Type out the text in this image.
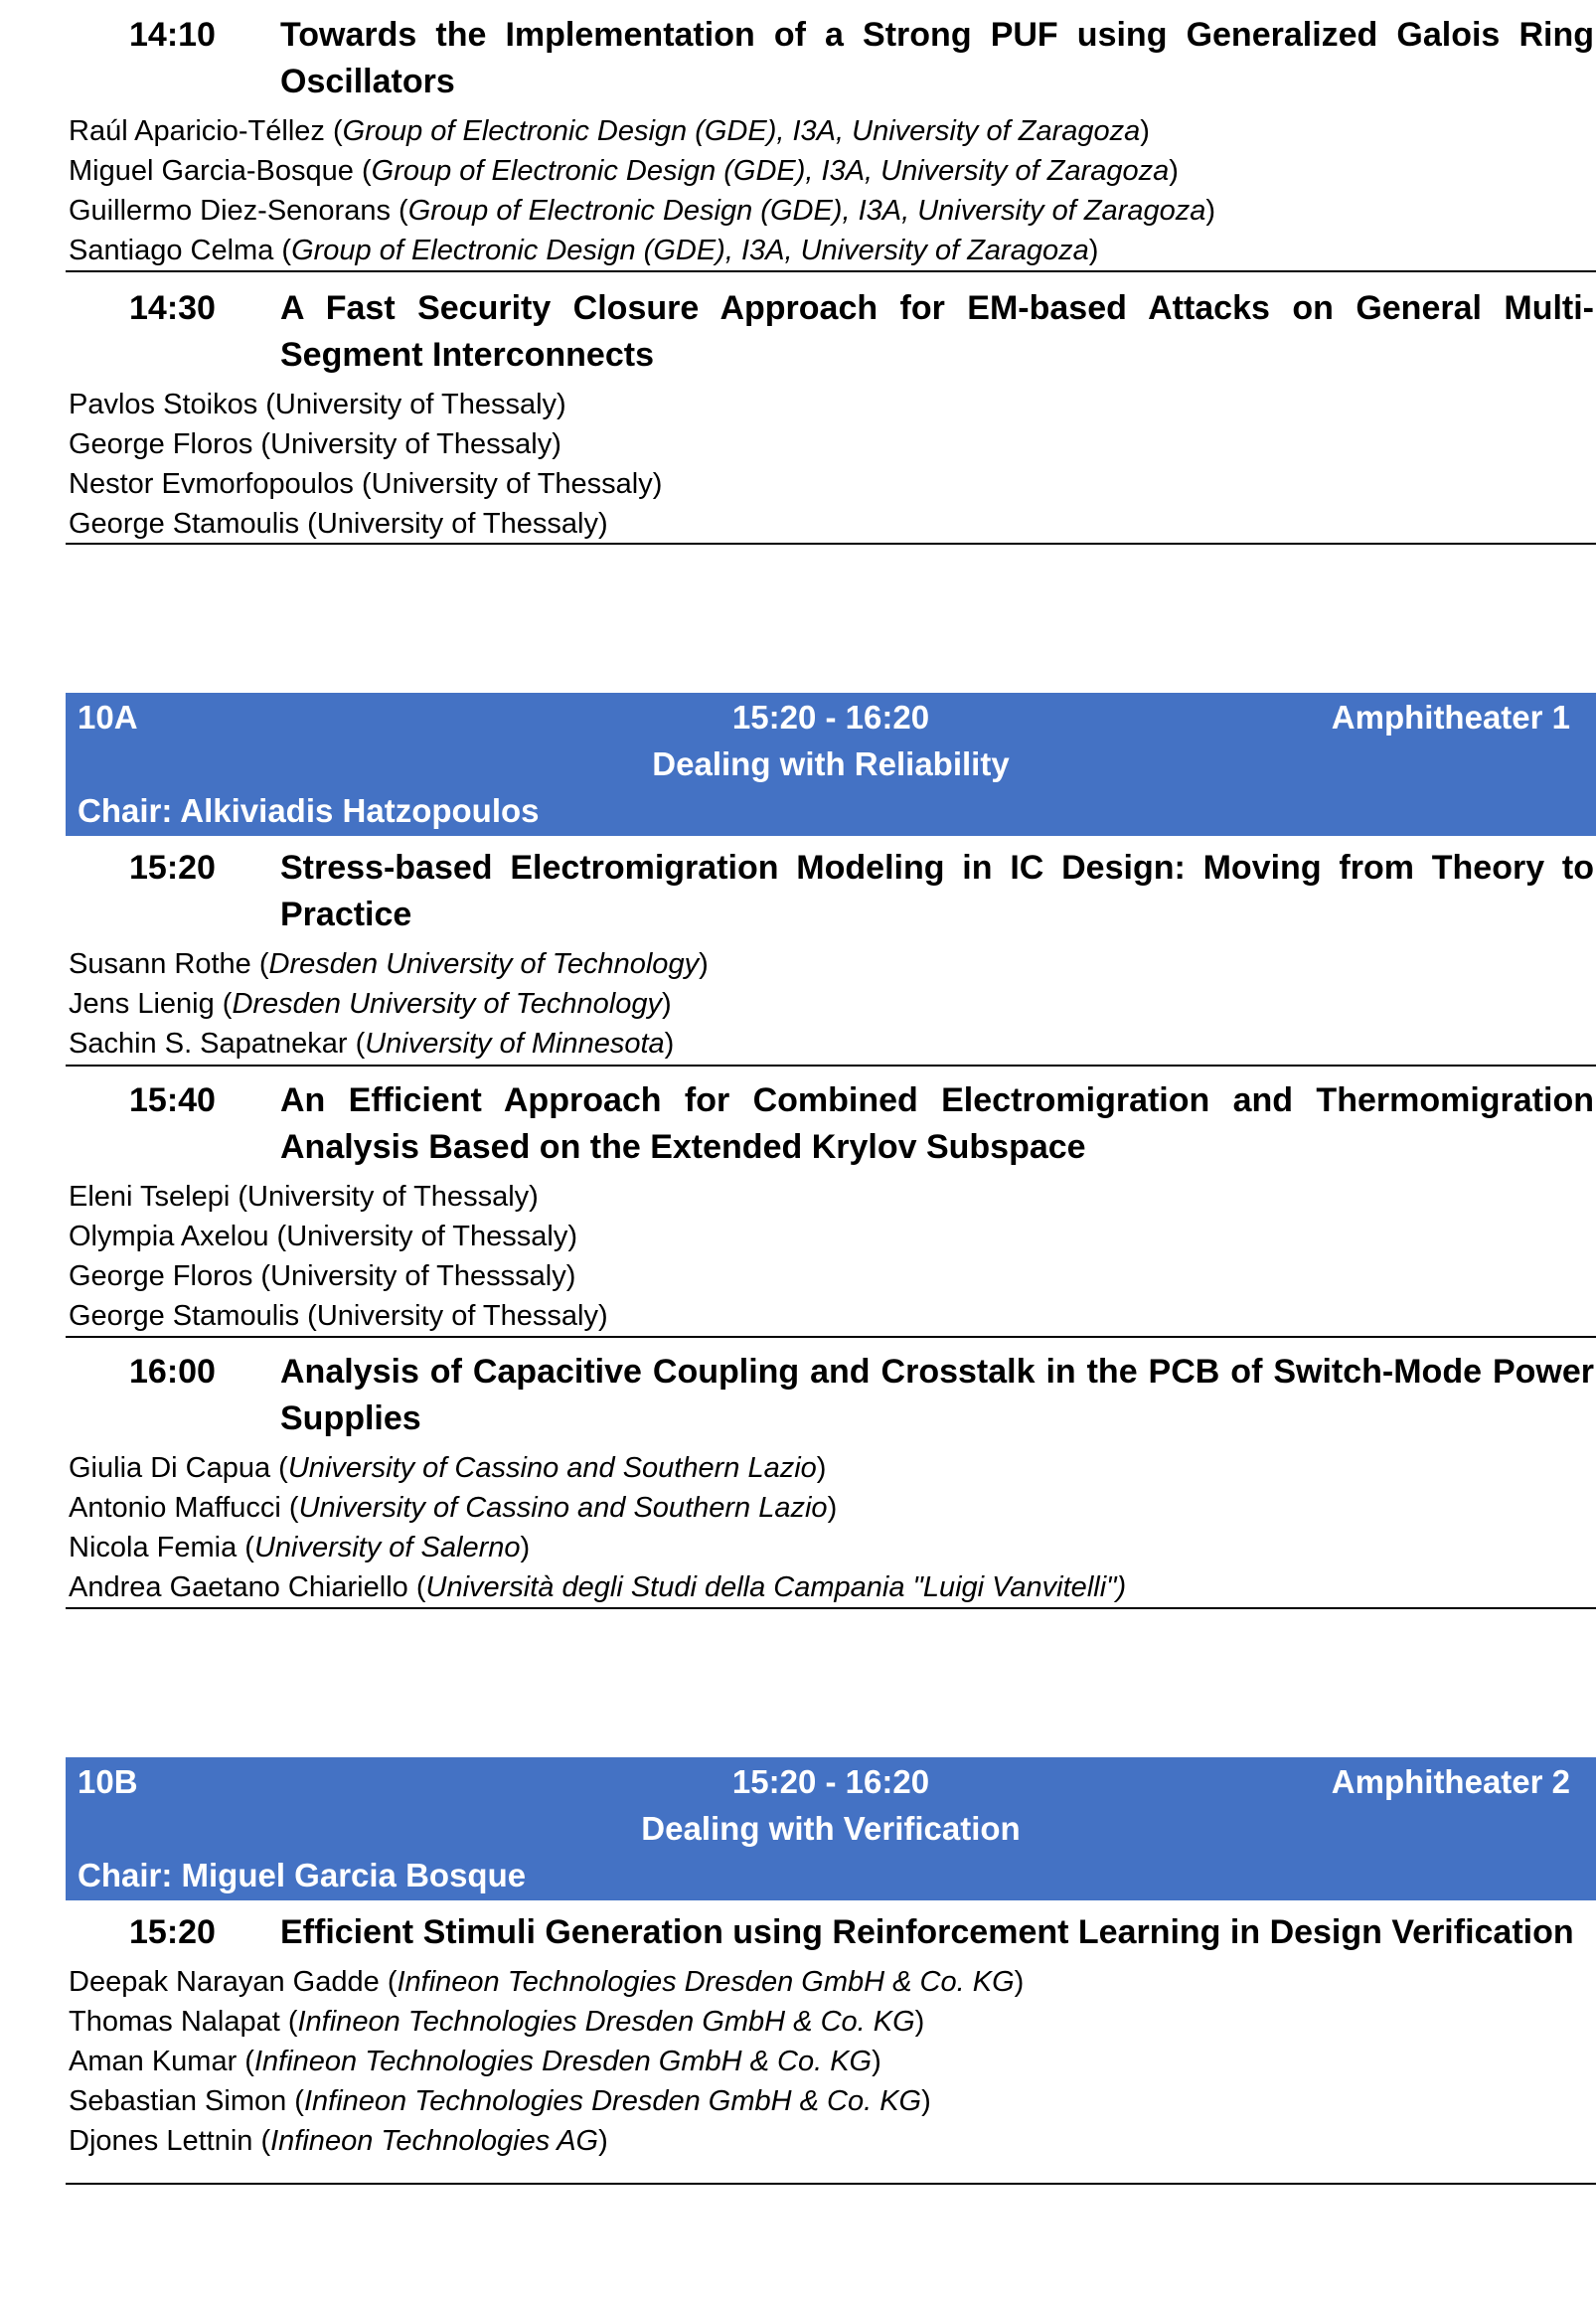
14:10 Towards the Implementation of a Strong PUF using Generalized Galois Ring Oscillators
Raúl Aparicio-Téllez (Group of Electronic Design (GDE), I3A, University of Zaragoza)
Miguel Garcia-Bosque (Group of Electronic Design (GDE), I3A, University of Zaragoza)
Guillermo Diez-Senorans (Group of Electronic Design (GDE), I3A, University of Zaragoza)
Santiago Celma (Group of Electronic Design (GDE), I3A, University of Zaragoza)
14:30 A Fast Security Closure Approach for EM-based Attacks on General Multi-Segment Interconnects
Pavlos Stoikos (University of Thessaly)
George Floros (University of Thessaly)
Nestor Evmorfopoulos (University of Thessaly)
George Stamoulis (University of Thessaly)
10A	15:20 - 16:20	Amphitheater 1
Dealing with Reliability
Chair: Alkiviadis Hatzopoulos
15:20 Stress-based Electromigration Modeling in IC Design: Moving from Theory to Practice
Susann Rothe (Dresden University of Technology)
Jens Lienig (Dresden University of Technology)
Sachin S. Sapatnekar (University of Minnesota)
15:40 An Efficient Approach for Combined Electromigration and Thermomigration Analysis Based on the Extended Krylov Subspace
Eleni Tselepi (University of Thessaly)
Olympia Axelou (University of Thessaly)
George Floros (University of Thesssaly)
George Stamoulis (University of Thessaly)
16:00 Analysis of Capacitive Coupling and Crosstalk in the PCB of Switch-Mode Power Supplies
Giulia Di Capua (University of Cassino and Southern Lazio)
Antonio Maffucci (University of Cassino and Southern Lazio)
Nicola Femia (University of Salerno)
Andrea Gaetano Chiariello (Università degli Studi della Campania "Luigi Vanvitelli")
10B	15:20 - 16:20	Amphitheater 2
Dealing with Verification
Chair: Miguel Garcia Bosque
15:20 Efficient Stimuli Generation using Reinforcement Learning in Design Verification
Deepak Narayan Gadde (Infineon Technologies Dresden GmbH & Co. KG)
Thomas Nalapat (Infineon Technologies Dresden GmbH & Co. KG)
Aman Kumar (Infineon Technologies Dresden GmbH & Co. KG)
Sebastian Simon (Infineon Technologies Dresden GmbH & Co. KG)
Djones Lettnin (Infineon Technologies AG)
